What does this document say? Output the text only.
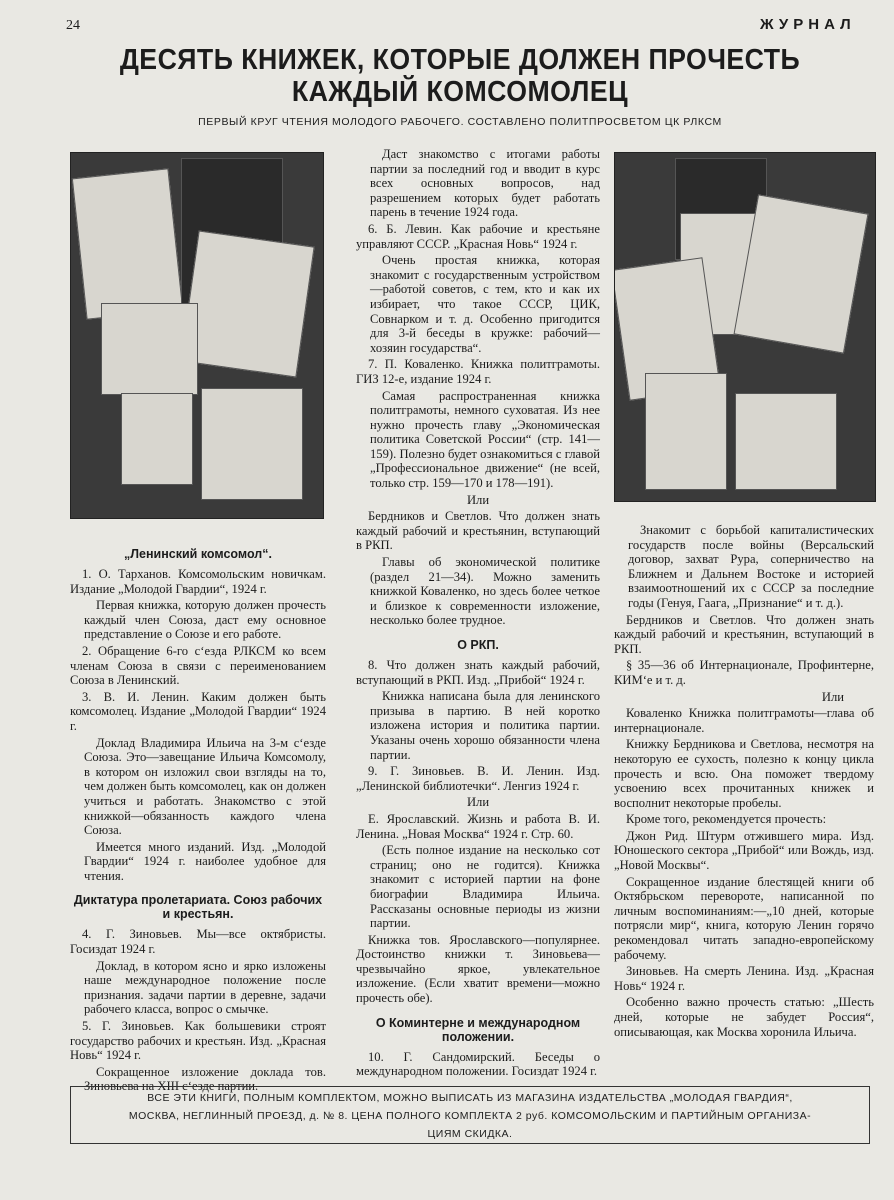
24	ЖУРНАЛ
ДЕСЯТЬ КНИЖЕК, КОТОРЫЕ ДОЛЖЕН ПРОЧЕСТЬ
КАЖДЫЙ КОМСОМОЛЕЦ
ПЕРВЫЙ КРУГ ЧТЕНИЯ МОЛОДОГО РАБОЧЕГО. СОСТАВЛЕНО ПОЛИТПРОСВЕТОМ ЦК РЛКСМ

„Ленинский комсомол“.

1. О. Тарханов. Комсомольским новичкам. Издание „Молодой Гвардии“, 1924 г.

Первая книжка, которую должен прочесть каждый член Союза, даст ему основное представление о Союзе и его работе.

2. Обращение 6-го с‘езда РЛКСМ ко всем членам Союза в связи с переименованием Союза в Ленинский.

3. В. И. Ленин. Каким должен быть комсомолец. Издание „Молодой Гвардии“ 1924 г.

Доклад Владимира Ильича на 3-м с‘езде Союза. Это—завещание Ильича Комсомолу, в котором он изложил свои взгляды на то, чем должен быть комсомолец, как он должен учиться и работать. Знакомство с этой книжкой—обязанность каждого члена Союза.

Имеется много изданий. Изд. „Молодой Гвардии“ 1924 г. наиболее удобное для чтения.

Диктатура пролетариата. Союз рабочих и крестьян.

4. Г. Зиновьев. Мы—все октябристы. Госиздат 1924 г.

Доклад, в котором ясно и ярко изложены наше международное положение после признания. задачи партии в деревне, задачи рабочего класса, вопрос о смычке.

5. Г. Зиновьев. Как большевики строят государство рабочих и крестьян. Изд. „Красная Новь“ 1924 г.

Сокращенное изложение доклада тов. Зиновьева на XIII с‘езде партии.

Даст знакомство с итогами работы партии за последний год и вводит в курс всех основных вопросов, над разрешением которых будет работать парень в течение 1924 года.

6. Б. Левин. Как рабочие и крестьяне управляют СССР. „Красная Новь“ 1924 г.

Очень простая книжка, которая знакомит с государственным устройством—работой советов, с тем, кто и как их избирает, что такое СССР, ЦИК, Совнарком и т. д. Особенно пригодится для 3-й беседы в кружке: рабочий—хозяин государства“.

7. П. Коваленко. Книжка политграмоты. ГИЗ 12-е, издание 1924 г.

Самая распространенная книжка политграмоты, немного суховатая. Из нее нужно прочесть главу „Экономическая политика Советской России“ (стр. 141—159). Полезно будет ознакомиться с главой „Профессиональное движение“ (не всей, только стр. 159—170 и 178—191).

Или

Бердников и Светлов. Что должен знать каждый рабочий и крестьянин, вступающий в РКП.

Главы об экономической политике (раздел 21—34). Можно заменить книжкой Коваленко, но здесь более четкое и близкое к современности изложение, несколько более трудное.

О РКП.

8. Что должен знать каждый рабочий, вступающий в РКП. Изд. „Прибой“ 1924 г.

Книжка написана была для ленинского призыва в партию. В ней коротко изложена история и политика партии. Указаны очень хорошо обязанности члена партии.

9. Г. Зиновьев. В. И. Ленин. Изд. „Ленинской библиотечки“. Ленгиз 1924 г.

Или

Е. Ярославский. Жизнь и работа В. И. Ленина. „Новая Москва“ 1924 г. Стр. 60.

(Есть полное издание на несколько сот страниц; оно не годится). Книжка знакомит с историей партии на фоне биографии Владимира Ильича. Рассказаны основные периоды из жизни партии.

Книжка тов. Ярославского—популярнее. Достоинство книжки т. Зиновьева—чрезвычайно яркое, увлекательное изложение. (Если хватит времени—можно прочесть обе).

О Коминтерне и международном положении.

10. Г. Сандомирский. Беседы о международном положении. Госиздат 1924 г.

Знакомит с борьбой капиталистических государств после войны (Версальский договор, захват Рура, соперничество на Ближнем и Дальнем Востоке и историей взаимоотношений их с СССР за последние годы (Генуя, Гаага, „Признание“ и т. д.).

Бердников и Светлов. Что должен знать каждый рабочий и крестьянин, вступающий в РКП.

§ 35—36 об Интернационале, Профинтерне, КИМ‘е и т. д.

Или

Коваленко Книжка политграмоты—глава об интернационале.

Книжку Бердникова и Светлова, несмотря на некоторую ее сухость, полезно к концу цикла прочесть и всю. Она поможет твердому усвоению всех прочитанных книжек и восполнит некоторые пробелы.

Кроме того, рекомендуется прочесть:

Джон Рид. Штурм отжившего мира. Изд. Юношеского сектора „Прибой“ или Вождь, изд. „Новой Москвы“.

Сокращенное издание блестящей книги об Октябрьском перевороте, написанной по личным воспоминаниям:—„10 дней, которые потрясли мир“, книга, которую Ленин горячо рекомендовал читать западно-европейскому рабочему.

Зиновьев. На смерть Ленина. Изд. „Красная Новь“ 1924 г.

Особенно важно прочесть статью: „Шесть дней, которые не забудет Россия“, описывающая, как Москва хоронила Ильича.

ВСЕ ЭТИ КНИГИ, ПОЛНЫМ КОМПЛЕКТОМ, МОЖНО ВЫПИСАТЬ ИЗ МАГАЗИНА ИЗДАТЕЛЬСТВА „МОЛОДАЯ ГВАРДИЯ“,
МОСКВА, НЕГЛИННЫЙ ПРОЕЗД, д. № 8. ЦЕНА ПОЛНОГО КОМПЛЕКТА 2 руб. КОМСОМОЛЬСКИМ И ПАРТИЙНЫМ ОРГАНИЗА-
ЦИЯМ СКИДКА.
